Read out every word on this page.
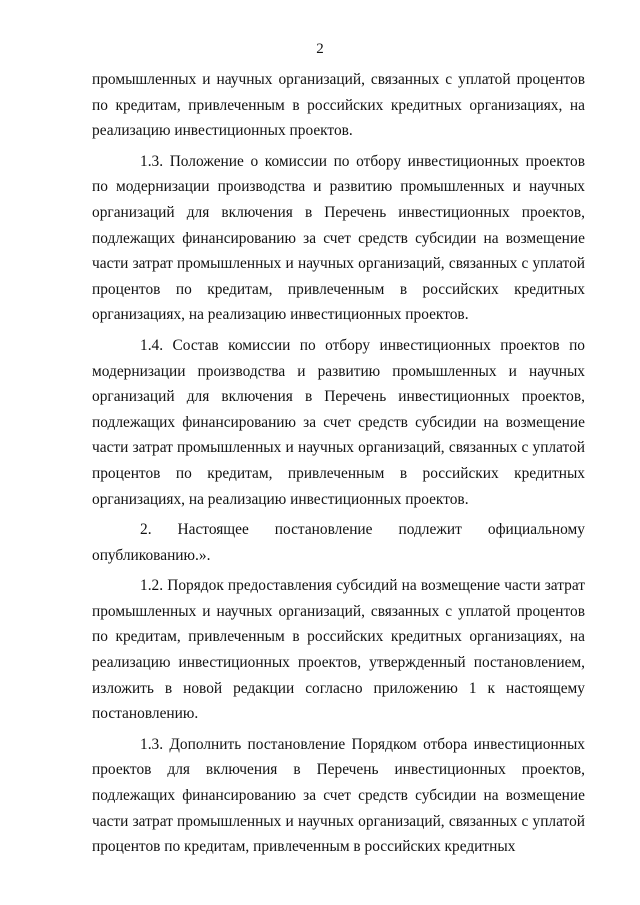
2

промышленных и научных организаций, связанных с уплатой процентов по кредитам, привлеченным в российских кредитных организациях, на реализацию инвестиционных проектов.

1.3. Положение о комиссии по отбору инвестиционных проектов по модернизации производства и развитию промышленных и научных организаций для включения в Перечень инвестиционных проектов, подлежащих финансированию за счет средств субсидии на возмещение части затрат промышленных и научных организаций, связанных с уплатой процентов по кредитам, привлеченным в российских кредитных организациях, на реализацию инвестиционных проектов.

1.4. Состав комиссии по отбору инвестиционных проектов по модернизации производства и развитию промышленных и научных организаций для включения в Перечень инвестиционных проектов, подлежащих финансированию за счет средств субсидии на возмещение части затрат промышленных и научных организаций, связанных с уплатой процентов по кредитам, привлеченным в российских кредитных организациях, на реализацию инвестиционных проектов.

2. Настоящее постановление подлежит официальному опубликованию.».

1.2. Порядок предоставления субсидий на возмещение части затрат промышленных и научных организаций, связанных с уплатой процентов по кредитам, привлеченным в российских кредитных организациях, на реализацию инвестиционных проектов, утвержденный постановлением, изложить в новой редакции согласно приложению 1 к настоящему постановлению.

1.3. Дополнить постановление Порядком отбора инвестиционных проектов для включения в Перечень инвестиционных проектов, подлежащих финансированию за счет средств субсидии на возмещение части затрат промышленных и научных организаций, связанных с уплатой процентов по кредитам, привлеченным в российских кредитных
